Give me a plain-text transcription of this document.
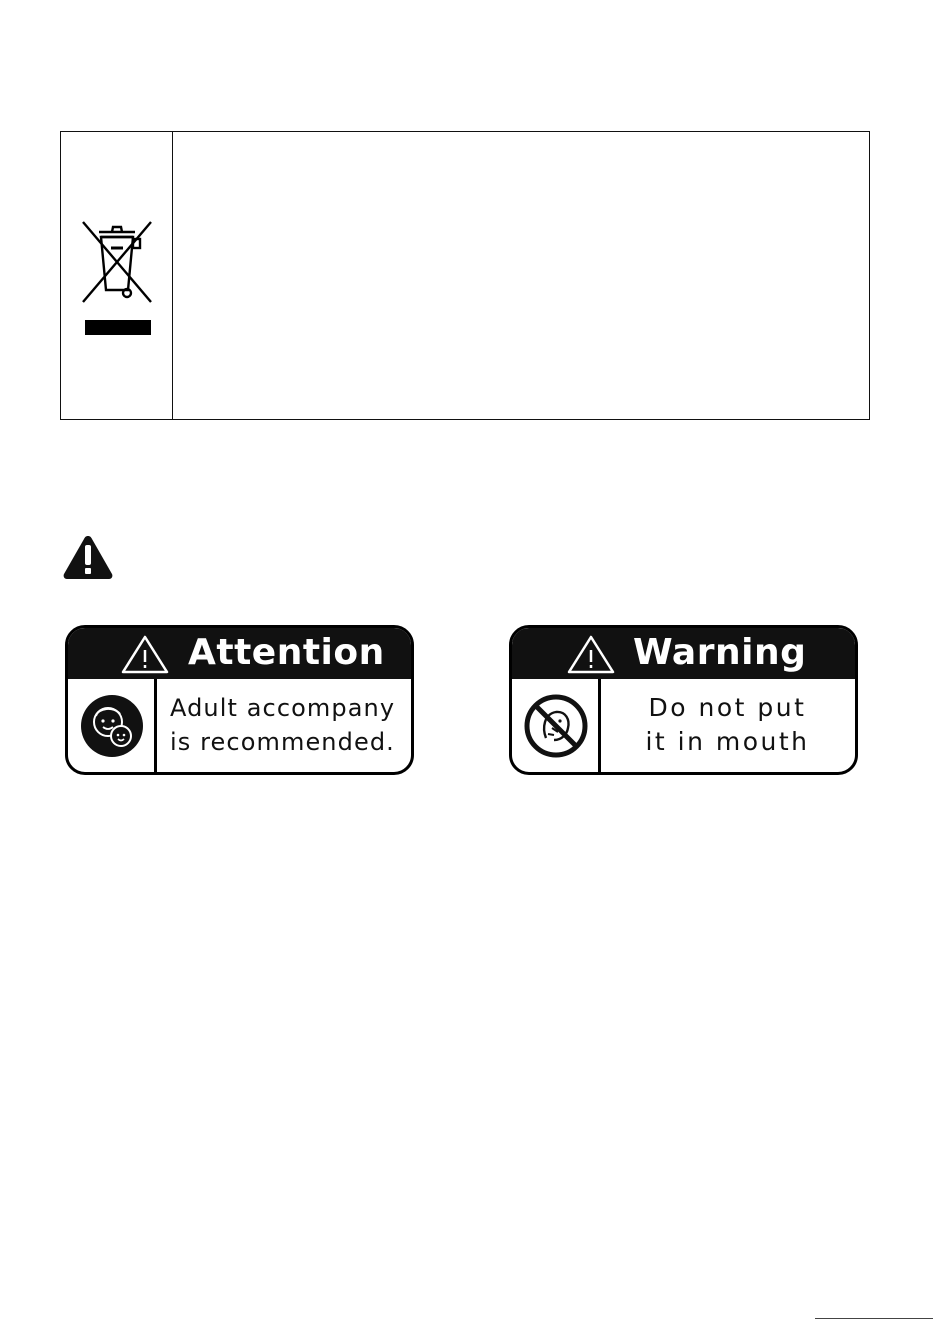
Attention
Adult accompany
is recommended.
Warning
Do not put
it in mouth
